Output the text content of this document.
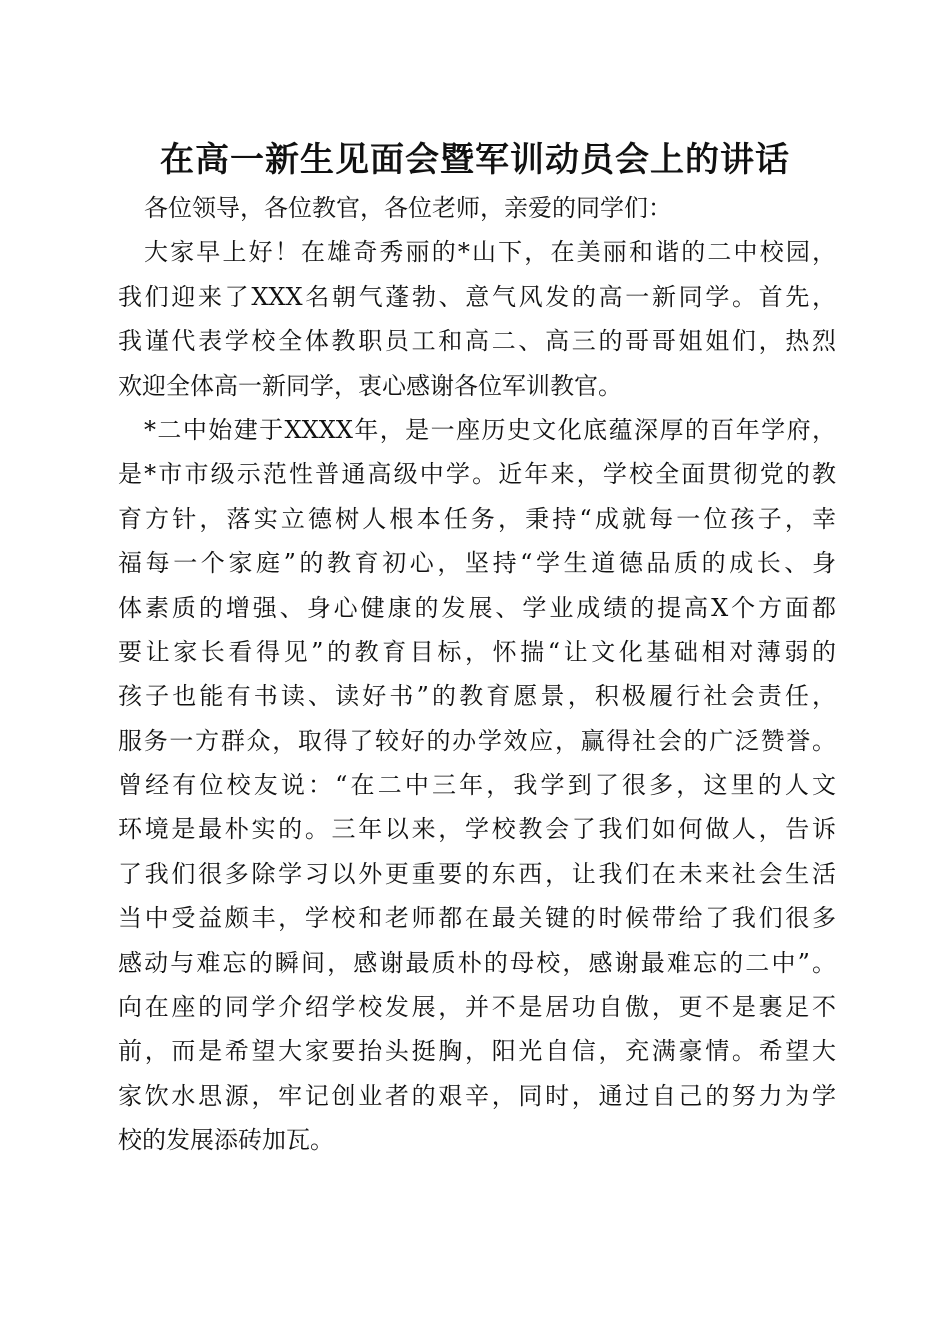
在高一新生见面会暨军训动员会上的讲话
各位领导，各位教官，各位老师，亲爱的同学们：
大家早上好！在雄奇秀丽的*山下，在美丽和谐的二中校园，
我们迎来了XXX名朝气蓬勃、意气风发的高一新同学。首先，
我谨代表学校全体教职员工和高二、高三的哥哥姐姐们，热烈
欢迎全体高一新同学，衷心感谢各位军训教官。
*二中始建于XXXX年，是一座历史文化底蕴深厚的百年学府，
是*市市级示范性普通高级中学。近年来，学校全面贯彻党的教
育方针，落实立德树人根本任务，秉持“成就每一位孩子，幸
福每一个家庭”的教育初心，坚持“学生道德品质的成长、身
体素质的增强、身心健康的发展、学业成绩的提高X个方面都
要让家长看得见”的教育目标，怀揣“让文化基础相对薄弱的
孩子也能有书读、读好书”的教育愿景，积极履行社会责任，
服务一方群众，取得了较好的办学效应，赢得社会的广泛赞誉。
曾经有位校友说：“在二中三年，我学到了很多，这里的人文
环境是最朴实的。三年以来，学校教会了我们如何做人，告诉
了我们很多除学习以外更重要的东西，让我们在未来社会生活
当中受益颇丰，学校和老师都在最关键的时候带给了我们很多
感动与难忘的瞬间，感谢最质朴的母校，感谢最难忘的二中”。
向在座的同学介绍学校发展，并不是居功自傲，更不是裹足不
前，而是希望大家要抬头挺胸，阳光自信，充满豪情。希望大
家饮水思源，牢记创业者的艰辛，同时，通过自己的努力为学
校的发展添砖加瓦。
